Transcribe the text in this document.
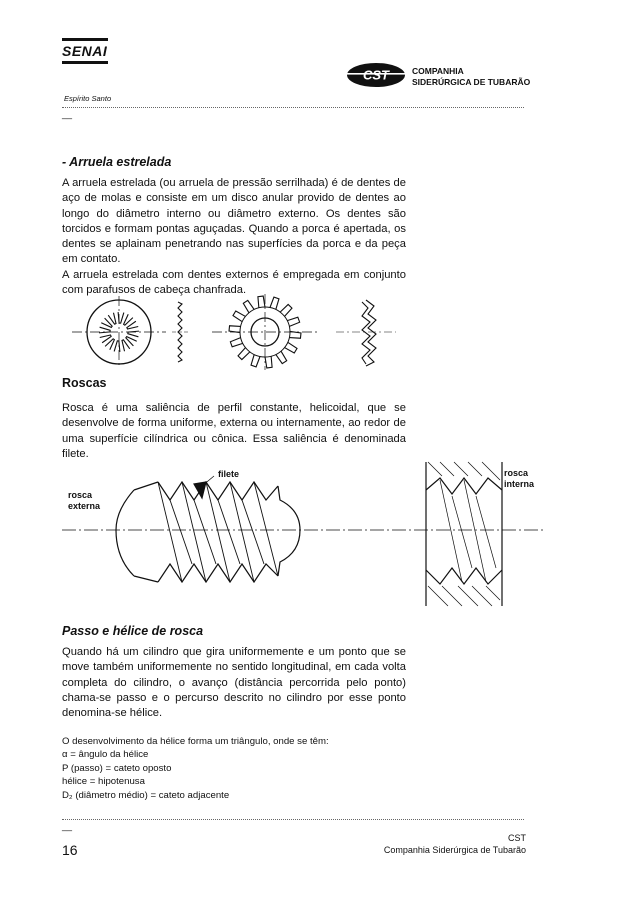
SENAI
Espírito Santo
CST	COMPANHIA
SIDERÚRGICA DE TUBARÃO
__
- Arruela estrelada

A arruela estrelada (ou arruela de pressão serrilhada) é de dentes de aço de molas e consiste em um disco anular provido de dentes ao longo do diâmetro interno ou diâmetro externo. Os dentes são torcidos e formam pontas aguçadas. Quando a porca é apertada, os dentes se aplainam penetrando nas superfícies da porca e da peça em contato.

A arruela estrelada com dentes externos é empregada em conjunto com parafusos de cabeça chanfrada.

Roscas
Rosca é uma saliência de perfil constante, helicoidal, que se desenvolve de forma uniforme, externa ou internamente, ao redor de uma superfície cilíndrica ou cônica. Essa saliência é denominada filete.
filete
rosca
externa
rosca
interna
Passo e hélice de rosca
Quando há um cilindro que gira uniformemente e um ponto que se move também uniformemente no sentido longitudinal, em cada volta completa do cilindro, o avanço (distância percorrida pelo ponto) chama-se passo e o percurso descrito no cilindro por esse ponto denomina-se hélice.
O desenvolvimento da hélice forma um triângulo, onde se têm:
α = ângulo da hélice
P (passo) = cateto oposto
hélice = hipotenusa
D₂ (diâmetro médio) = cateto adjacente
__
16
CST
Companhia Siderúrgica de Tubarão
